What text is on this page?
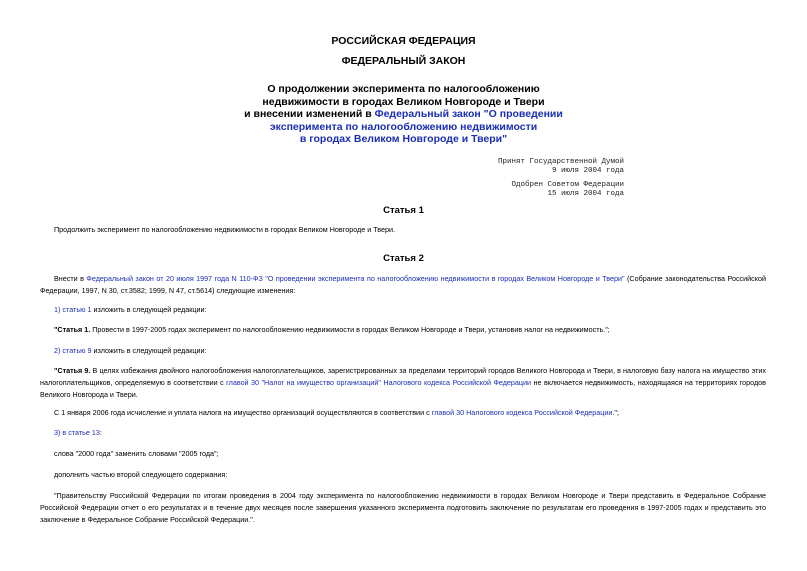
РОССИЙСКАЯ ФЕДЕРАЦИЯ
ФЕДЕРАЛЬНЫЙ ЗАКОН
О продолжении эксперимента по налогообложению
недвижимости в городах Великом Новгороде и Твери
и внесении изменений в Федеральный закон "О проведении
эксперимента по налогообложению недвижимости
в городах Великом Новгороде и Твери"
Принят Государственной Думой
9 июля 2004 года
Одобрен Советом Федерации
15 июля 2004 года
Статья 1
Продолжить эксперимент по налогообложению недвижимости в городах Великом Новгороде и Твери.
Статья 2
Внести в Федеральный закон от 20 июля 1997 года N 110-ФЗ "О проведении эксперимента по налогообложению недвижимости в городах Великом Новгороде и Твери" (Собрание законодательства Российской Федерации, 1997, N 30, ст.3582; 1999, N 47, ст.5614) следующие изменения:
1) статью 1 изложить в следующей редакции:
"Статья 1. Провести в 1997-2005 годах эксперимент по налогообложению недвижимости в городах Великом Новгороде и Твери, установив налог на недвижимость.";
2) статью 9 изложить в следующей редакции:
"Статья 9. В целях избежания двойного налогообложения налогоплательщиков, зарегистрированных за пределами территорий городов Великого Новгорода и Твери, в налоговую базу налога на имущество этих налогоплательщиков, определяемую в соответствии с главой 30 "Налог на имущество организаций" Налогового кодекса Российской Федерации не включается недвижимость, находящаяся на территориях городов Великого Новгорода и Твери.
С 1 января 2006 года исчисление и уплата налога на имущество организаций осуществляются в соответствии с главой 30 Налогового кодекса Российской Федерации.";
3) в статье 13:
слова "2000 года" заменить словами "2005 года";
дополнить частью второй следующего содержания:
"Правительству Российской Федерации по итогам проведения в 2004 году эксперимента по налогообложению недвижимости в городах Великом Новгороде и Твери представить в Федеральное Собрание Российской Федерации отчет о его результатах и в течение двух месяцев после завершения указанного эксперимента подготовить заключение по результатам его проведения в 1997-2005 годах и представить это заключение в Федеральное Собрание Российской Федерации.".
